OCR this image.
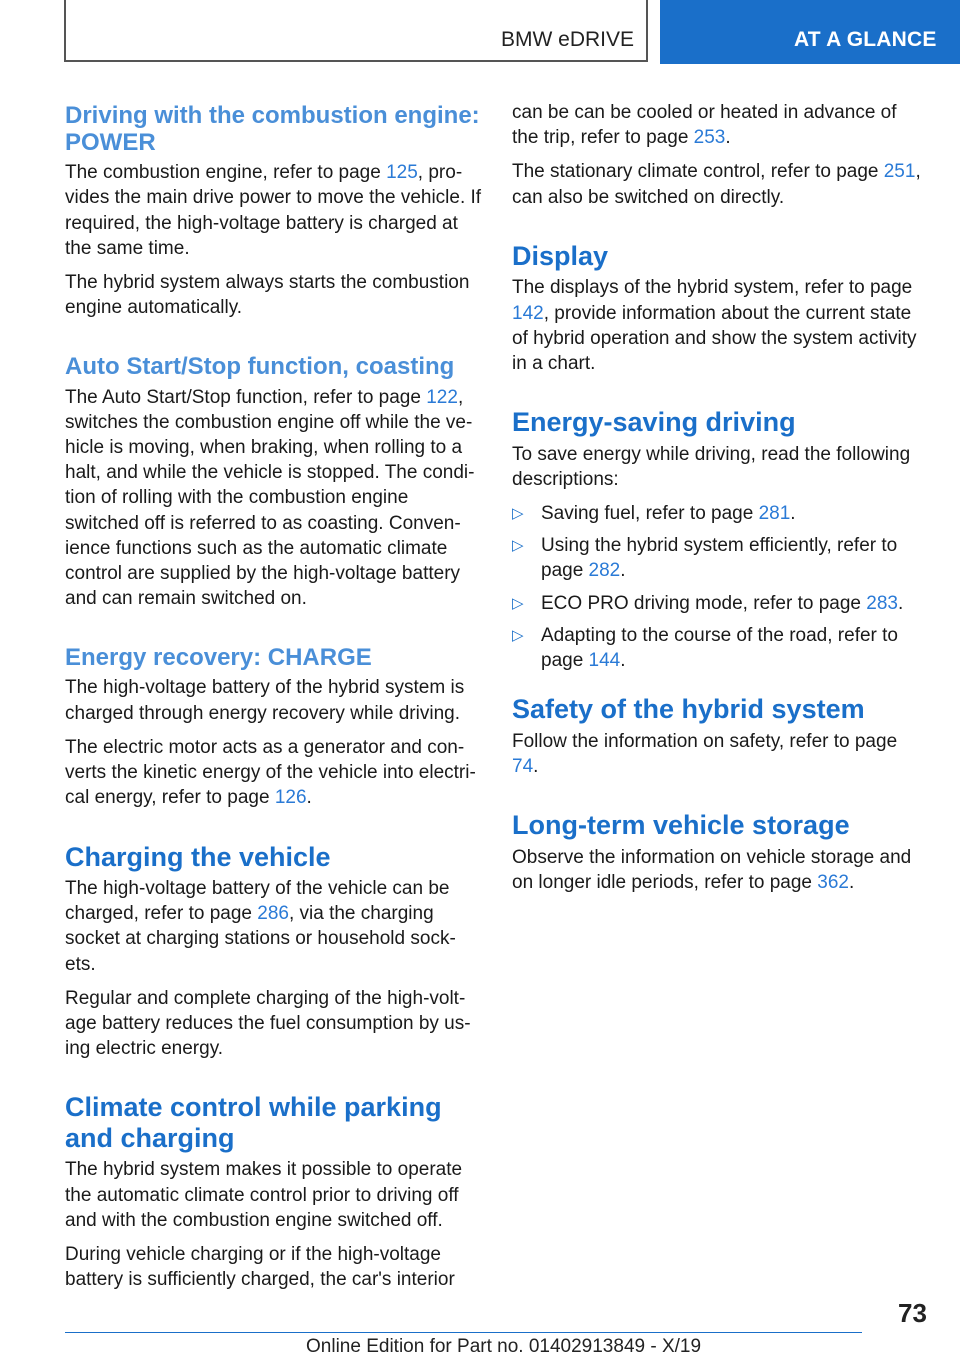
BMW eDRIVE	AT A GLANCE
Driving with the combustion engine: POWER

The combustion engine, refer to page 125, pro-vides the main drive power to move the vehicle. If required, the high-voltage battery is charged at the same time.

The hybrid system always starts the combustion engine automatically.

Auto Start/Stop function, coasting

The Auto Start/Stop function, refer to page 122, switches the combustion engine off while the ve-hicle is moving, when braking, when rolling to a halt, and while the vehicle is stopped. The condi-tion of rolling with the combustion engine switched off is referred to as coasting. Conven-ience functions such as the automatic climate control are supplied by the high-voltage battery and can remain switched on.

Energy recovery: CHARGE

The high-voltage battery of the hybrid system is charged through energy recovery while driving.

The electric motor acts as a generator and con-verts the kinetic energy of the vehicle into electri-cal energy, refer to page 126.

Charging the vehicle

The high-voltage battery of the vehicle can be charged, refer to page 286, via the charging socket at charging stations or household sock-ets.

Regular and complete charging of the high-volt-age battery reduces the fuel consumption by us-ing electric energy.

Climate control while parking and charging

The hybrid system makes it possible to operate the automatic climate control prior to driving off and with the combustion engine switched off.

During vehicle charging or if the high-voltage battery is sufficiently charged, the car's interior

can be can be cooled or heated in advance of the trip, refer to page 253.

The stationary climate control, refer to page 251, can also be switched on directly.

Display

The displays of the hybrid system, refer to page 142, provide information about the current state of hybrid operation and show the system activity in a chart.

Energy-saving driving

To save energy while driving, read the following descriptions:

▷ Saving fuel, refer to page 281.
▷ Using the hybrid system efficiently, refer to page 282.
▷ ECO PRO driving mode, refer to page 283.
▷ Adapting to the course of the road, refer to page 144.
Safety of the hybrid system

Follow the information on safety, refer to page 74.

Long-term vehicle storage

Observe the information on vehicle storage and on longer idle periods, refer to page 362.

73
Online Edition for Part no. 01402913849 - X/19
